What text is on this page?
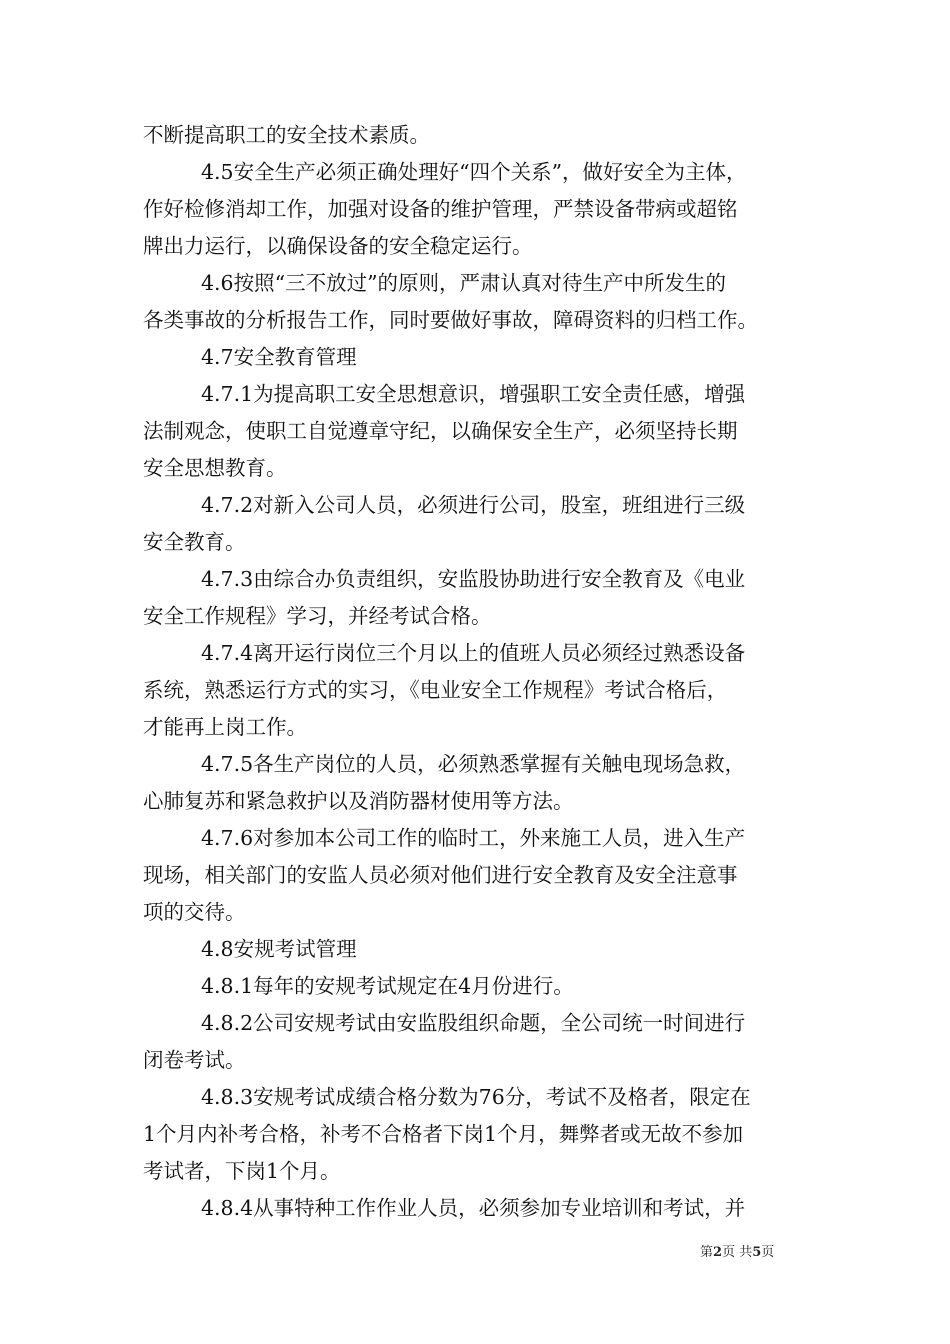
不断提高职工的安全技术素质。
4.5安全生产必须正确处理好“四个关系”，做好安全为主体，
作好检修消却工作，加强对设备的维护管理，严禁设备带病或超铭
牌出力运行，以确保设备的安全稳定运行。
4.6按照“三不放过”的原则，严肃认真对待生产中所发生的
各类事故的分析报告工作，同时要做好事故，障碍资料的归档工作。
4.7安全教育管理
4.7.1为提高职工安全思想意识，增强职工安全责任感，增强
法制观念，使职工自觉遵章守纪，以确保安全生产，必须坚持长期
安全思想教育。
4.7.2对新入公司人员，必须进行公司，股室，班组进行三级
安全教育。
4.7.3由综合办负责组织，安监股协助进行安全教育及《电业
安全工作规程》学习，并经考试合格。
4.7.4离开运行岗位三个月以上的值班人员必须经过熟悉设备
系统，熟悉运行方式的实习，《电业安全工作规程》考试合格后，
才能再上岗工作。
4.7.5各生产岗位的人员，必须熟悉掌握有关触电现场急救，
心肺复苏和紧急救护以及消防器材使用等方法。
4.7.6对参加本公司工作的临时工，外来施工人员，进入生产
现场，相关部门的安监人员必须对他们进行安全教育及安全注意事
项的交待。
4.8安规考试管理
4.8.1每年的安规考试规定在4月份进行。
4.8.2公司安规考试由安监股组织命题，全公司统一时间进行
闭卷考试。
4.8.3安规考试成绩合格分数为76分，考试不及格者，限定在
1个月内补考合格，补考不合格者下岗1个月，舞弊者或无故不参加
考试者，下岗1个月。
4.8.4从事特种工作作业人员，必须参加专业培训和考试，并
第2页 共5页
